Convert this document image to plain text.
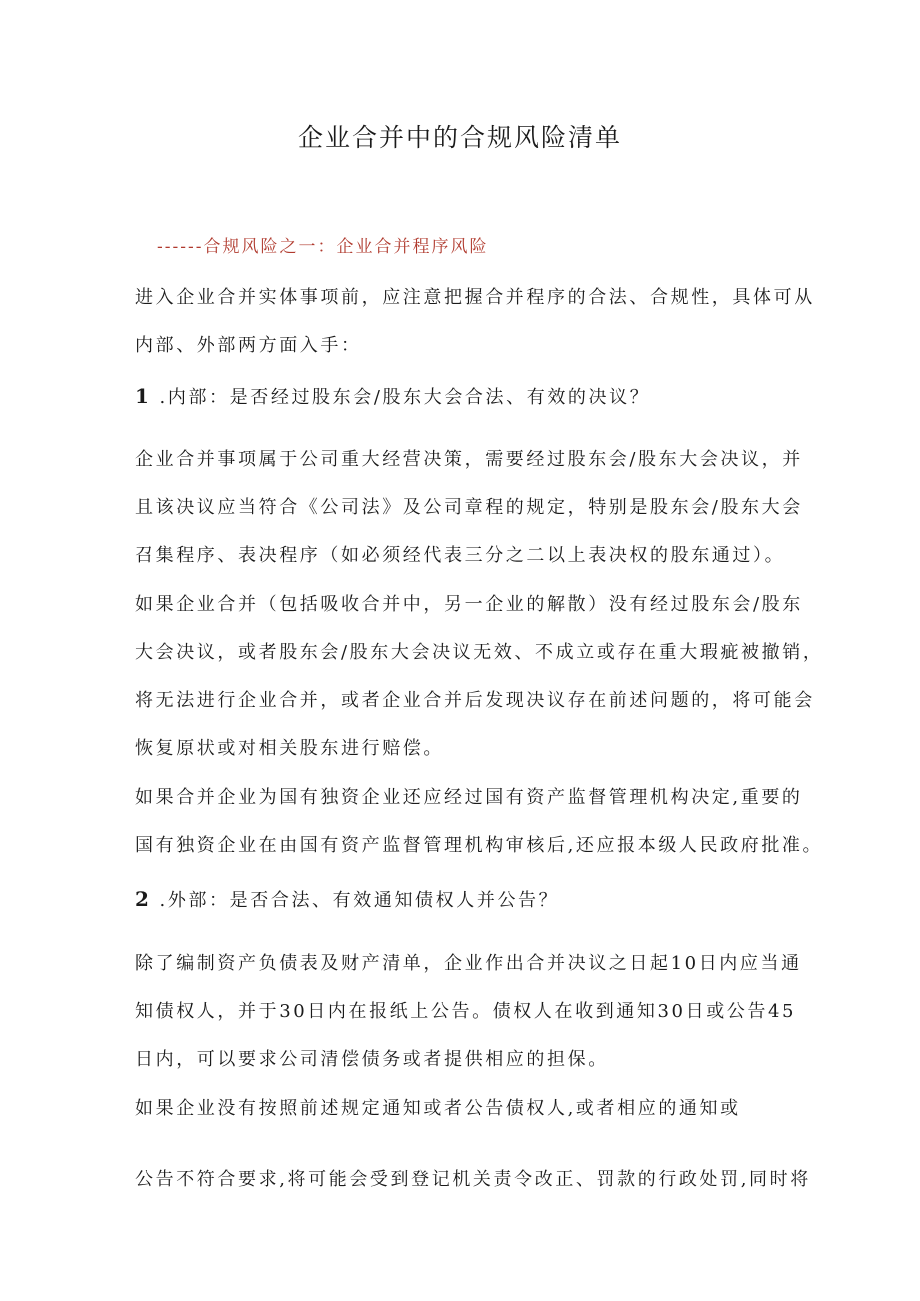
企业合并中的合规风险清单
------合规风险之一：企业合并程序风险
进入企业合并实体事项前，应注意把握合并程序的合法、合规性，具体可从
内部、外部两方面入手：
1 .内部：是否经过股东会/股东大会合法、有效的决议？
企业合并事项属于公司重大经营决策，需要经过股东会/股东大会决议，并
且该决议应当符合《公司法》及公司章程的规定，特别是股东会/股东大会
召集程序、表决程序（如必须经代表三分之二以上表决权的股东通过）。
如果企业合并（包括吸收合并中，另一企业的解散）没有经过股东会/股东
大会决议，或者股东会/股东大会决议无效、不成立或存在重大瑕疵被撤销，
将无法进行企业合并，或者企业合并后发现决议存在前述问题的，将可能会
恢复原状或对相关股东进行赔偿。
如果合并企业为国有独资企业还应经过国有资产监督管理机构决定,重要的
国有独资企业在由国有资产监督管理机构审核后,还应报本级人民政府批准。
2 .外部：是否合法、有效通知债权人并公告？
除了编制资产负债表及财产清单，企业作出合并决议之日起10日内应当通
知债权人，并于30日内在报纸上公告。债权人在收到通知30日或公告45
日内，可以要求公司清偿债务或者提供相应的担保。
如果企业没有按照前述规定通知或者公告债权人,或者相应的通知或
公告不符合要求,将可能会受到登记机关责令改正、罚款的行政处罚,同时将
